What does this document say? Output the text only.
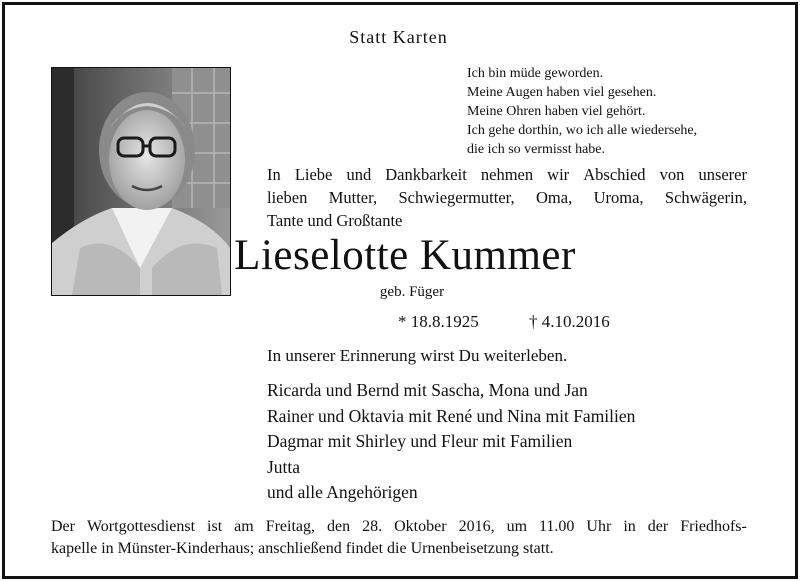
Statt Karten
Ich bin müde geworden.
Meine Augen haben viel gesehen.
Meine Ohren haben viel gehört.
Ich gehe dorthin, wo ich alle wiedersehe,
die ich so vermisst habe.
In Liebe und Dankbarkeit nehmen wir Abschied von unserer
lieben Mutter, Schwiegermutter, Oma, Uroma, Schwägerin,
Tante und Großtante
Lieselotte Kummer
geb. Füger
* 18.8.1925	† 4.10.2016
In unserer Erinnerung wirst Du weiterleben.
Ricarda und Bernd mit Sascha, Mona und Jan
Rainer und Oktavia mit René und Nina mit Familien
Dagmar mit Shirley und Fleur mit Familien
Jutta
und alle Angehörigen
Der Wortgottesdienst ist am Freitag, den 28. Oktober 2016, um 11.00 Uhr in der Friedhofs-
kapelle in Münster-Kinderhaus; anschließend findet die Urnenbeisetzung statt.
